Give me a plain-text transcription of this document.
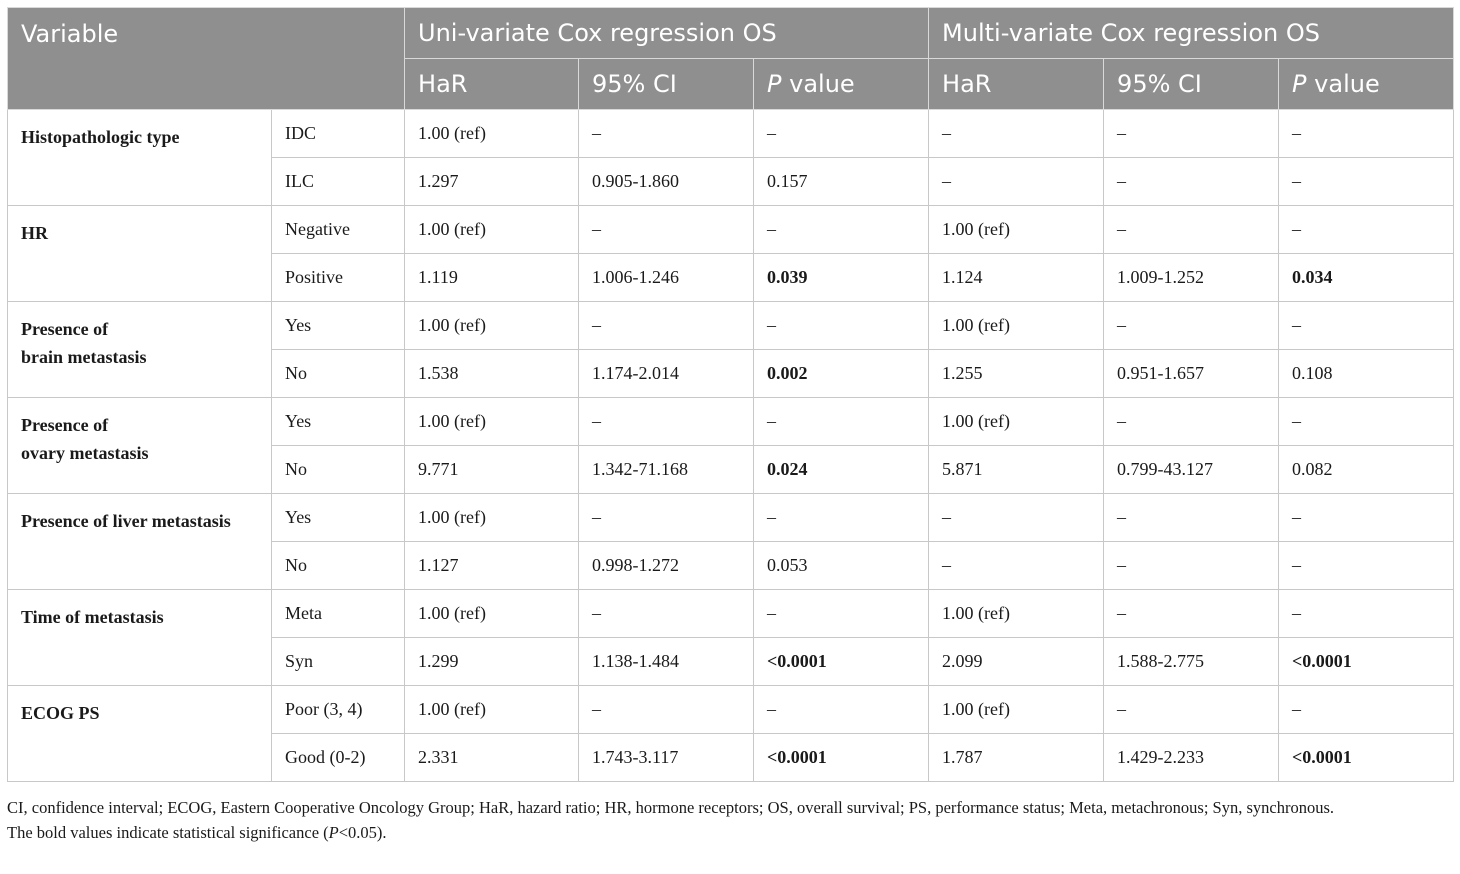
Variable		Uni-variate Cox regression OS			Multi-variate Cox regression OS		
		HaR	95% CI	P value	HaR	95% CI	P value
Histopathologic type	IDC	1.00 (ref)	–	–	–	–	–
	ILC	1.297	0.905-1.860	0.157	–	–	–
HR	Negative	1.00 (ref)	–	–	1.00 (ref)	–	–
	Positive	1.119	1.006-1.246	0.039	1.124	1.009-1.252	0.034
Presence of
brain metastasis	Yes	1.00 (ref)	–	–	1.00 (ref)	–	–
	No	1.538	1.174-2.014	0.002	1.255	0.951-1.657	0.108
Presence of
ovary metastasis	Yes	1.00 (ref)	–	–	1.00 (ref)	–	–
	No	9.771	1.342-71.168	0.024	5.871	0.799-43.127	0.082
Presence of liver metastasis	Yes	1.00 (ref)	–	–	–	–	–
	No	1.127	0.998-1.272	0.053	–	–	–
Time of metastasis	Meta	1.00 (ref)	–	–	1.00 (ref)	–	–
	Syn	1.299	1.138-1.484	<0.0001	2.099	1.588-2.775	<0.0001
ECOG PS	Poor (3, 4)	1.00 (ref)	–	–	1.00 (ref)	–	–
	Good (0-2)	2.331	1.743-3.117	<0.0001	1.787	1.429-2.233	<0.0001

CI, confidence interval; ECOG, Eastern Cooperative Oncology Group; HaR, hazard ratio; HR, hormone receptors; OS, overall survival; PS, performance status; Meta, metachronous; Syn, synchronous.

The bold values indicate statistical significance (P<0.05).
